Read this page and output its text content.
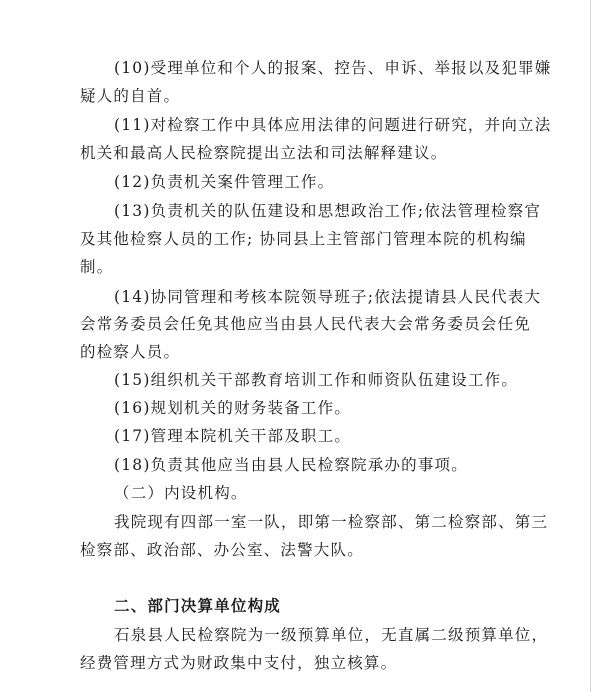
(10)受理单位和个人的报案、控告、申诉、举报以及犯罪嫌
疑人的自首。
(11)对检察工作中具体应用法律的问题进行研究，并向立法
机关和最高人民检察院提出立法和司法解释建议。
(12)负责机关案件管理工作。
(13)负责机关的队伍建设和思想政治工作;依法管理检察官
及其他检察人员的工作; 协同县上主管部门管理本院的机构编
制。
(14)协同管理和考核本院领导班子;依法提请县人民代表大
会常务委员会任免其他应当由县人民代表大会常务委员会任免
的检察人员。
(15)组织机关干部教育培训工作和师资队伍建设工作。
(16)规划机关的财务装备工作。
(17)管理本院机关干部及职工。
(18)负责其他应当由县人民检察院承办的事项。
（二）内设机构。
我院现有四部一室一队，即第一检察部、第二检察部、第三
检察部、政治部、办公室、法警大队。
二、部门决算单位构成
石泉县人民检察院为一级预算单位，无直属二级预算单位，
经费管理方式为财政集中支付，独立核算。
